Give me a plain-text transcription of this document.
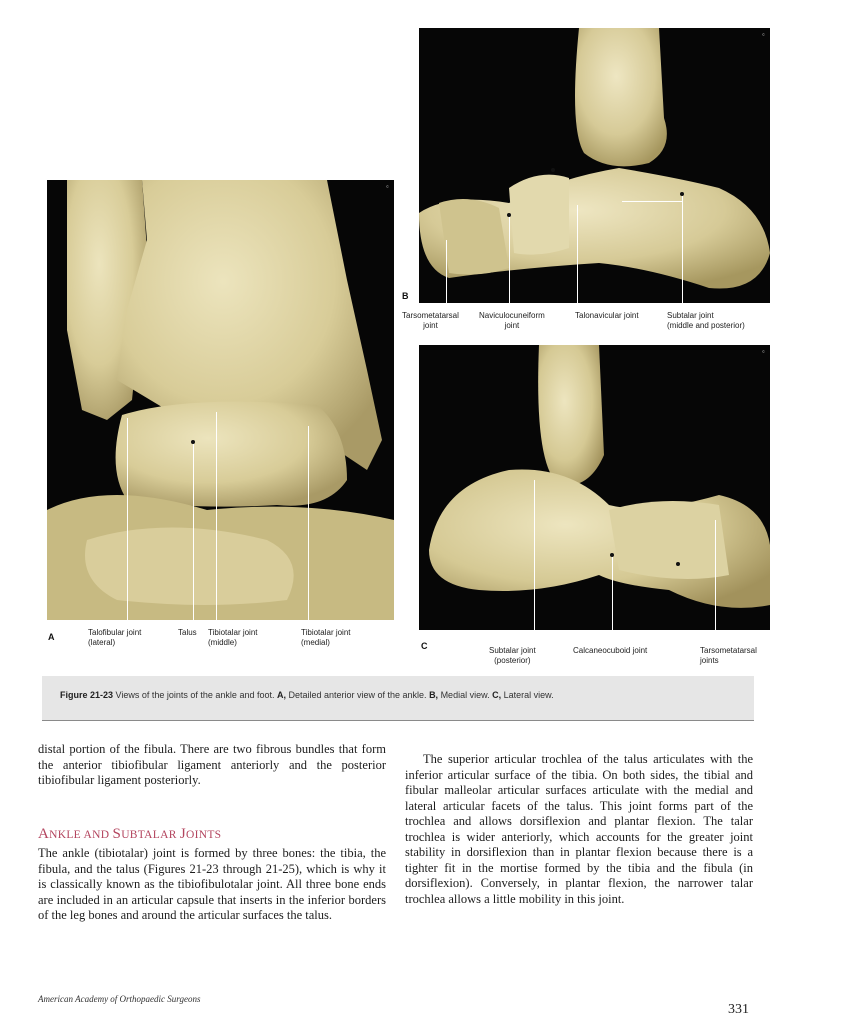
©
A	Talofibular joint
(lateral)
Talus Tibiotalar joint
(middle)
Tibiotalar joint
(medial)
©
B
Tarsometatarsal
joint
Naviculocuneiform
joint
Talonavicular joint	Subtalar joint
(middle and posterior)
©
C	Subtalar joint
(posterior)
Calcaneocuboid joint	Tarsometatarsal
joints
Figure 21-23 Views of the joints of the ankle and foot. A, Detailed anterior view of the ankle. B, Medial view. C, Lateral view.
distal portion of the fibula. There are two fibrous bundles that form the anterior tibiofibular ligament anteriorly and the posterior tibiofibular ligament posteriorly.
ANKLE AND SUBTALAR JOINTS
The ankle (tibiotalar) joint is formed by three bones: the tibia, the fibula, and the talus (Figures 21-23 through 21-25), which is why it is classically known as the tibiofibulotalar joint. All three bone ends are included in an articular capsule that inserts in the inferior borders of the leg bones and around the articular surfaces the talus.
The superior articular trochlea of the talus articulates with the inferior articular surface of the tibia. On both sides, the tibial and fibular malleolar articular surfaces articulate with the medial and lateral articular facets of the talus. This joint forms part of the trochlea and allows dorsiflexion and plantar flexion. The talar trochlea is wider anteriorly, which accounts for the greater joint stability in dorsiflexion than in plantar flexion because there is a tighter fit in the mortise formed by the tibia and the fibula (in dorsiflexion). Conversely, in plantar flexion, the narrower talar trochlea allows a little mobility in this joint.
American Academy of Orthopaedic Surgeons
331
